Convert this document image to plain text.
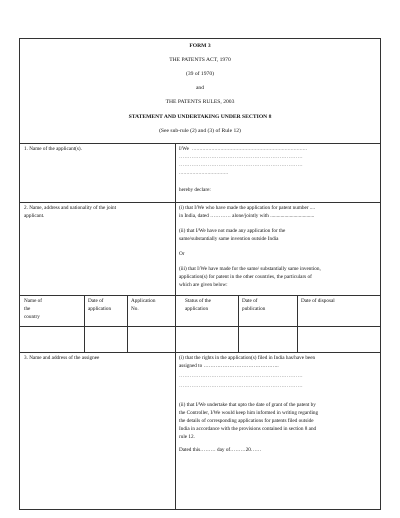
FORM 3
THE PATENTS ACT, 1970
(39 of 1970)
and
THE PATENTS RULES, 2003
STATEMENT AND UNDERTAKING UNDER SECTION 8
(See sub-rule (2) and (3) of Rule 12)
1. Name of the applicant(s).	I/We .............................................................................
……………………………………………………………
……………………………………………………………
.................................
hereby declare:
2. Name, address and nationality of the joint
applicant.
(i) that I/We who have made the application for patent number ....
in India, dated ………… alone/jointly with ..................................
(ii) that I/We have not made any application for the
same/substantially same invention outside India
Or
(iii) that I/We have made for the same/ substantially same invention,
application(s) for patent in the other countries, the particulars of
which are given below:
Name of
the
country
Date of
application
Application
No.
Status of the
application
Date of
publication
Date of disposal
3. Name and address of the assignee	(i) that the rights in the application(s) filed in India has/have been
assigned to ……………………………………..
……………………………………………………………
……………………………………………………………
(ii) that I/We undertake that upto the date of grant of the patent by
the Controller, I/We would keep him informed in writing regarding
the details of corresponding applications for patents filed outside
India in accordance with the provisions contained in section 8 and
rule 12.
Dated this……… day of………20……
